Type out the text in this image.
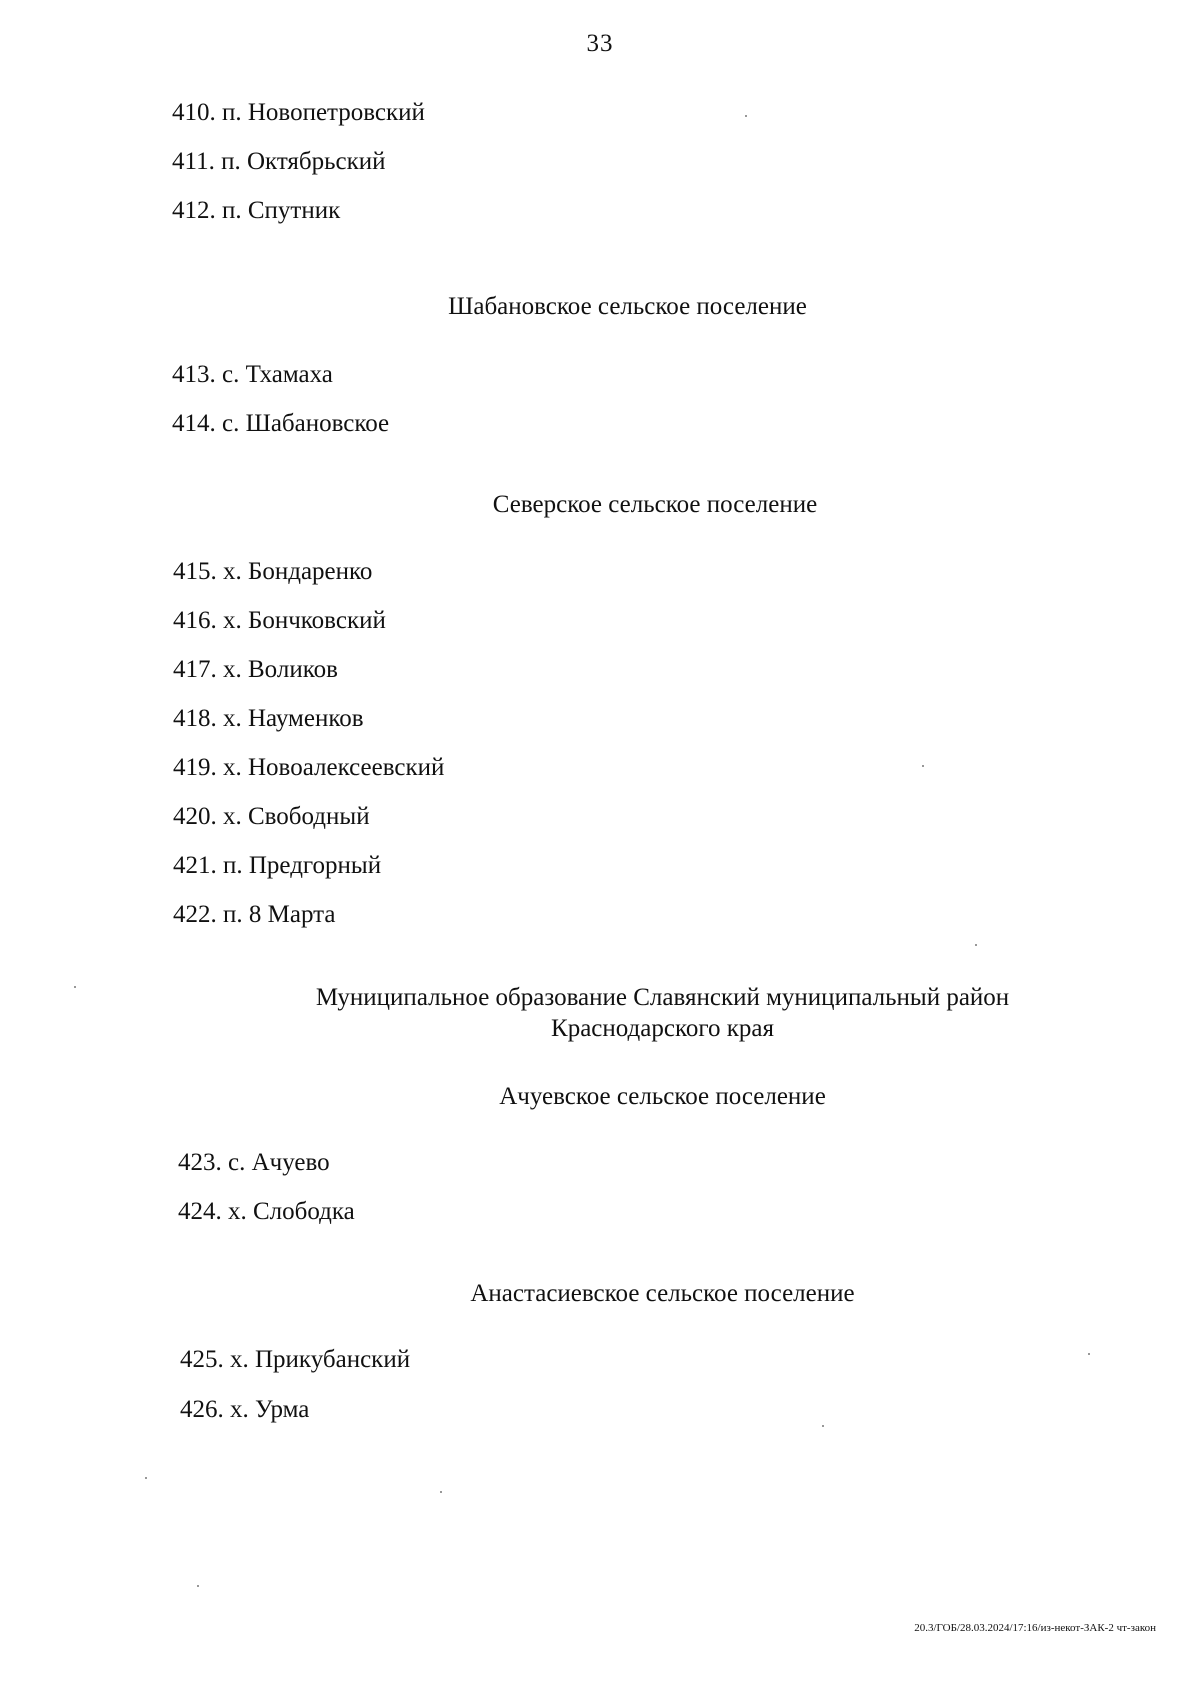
33
410. п. Новопетровский
411. п. Октябрьский
412. п. Спутник
Шабановское сельское поселение
413. с. Тхамаха
414. с. Шабановское
Северское сельское поселение
415. х. Бондаренко
416. х. Бончковский
417. х. Воликов
418. х. Науменков
419. х. Новоалексеевский
420. х. Свободный
421. п. Предгорный
422. п. 8 Марта
Муниципальное образование Славянский муниципальный район
Краснодарского края
Ачуевское сельское поселение
423. с. Ачуево
424. х. Слободка
Анастасиевское сельское поселение
425. х. Прикубанский
426. х. Урма
20.3/ГОБ/28.03.2024/17:16/из-некот-ЗАК-2 чт-закон
